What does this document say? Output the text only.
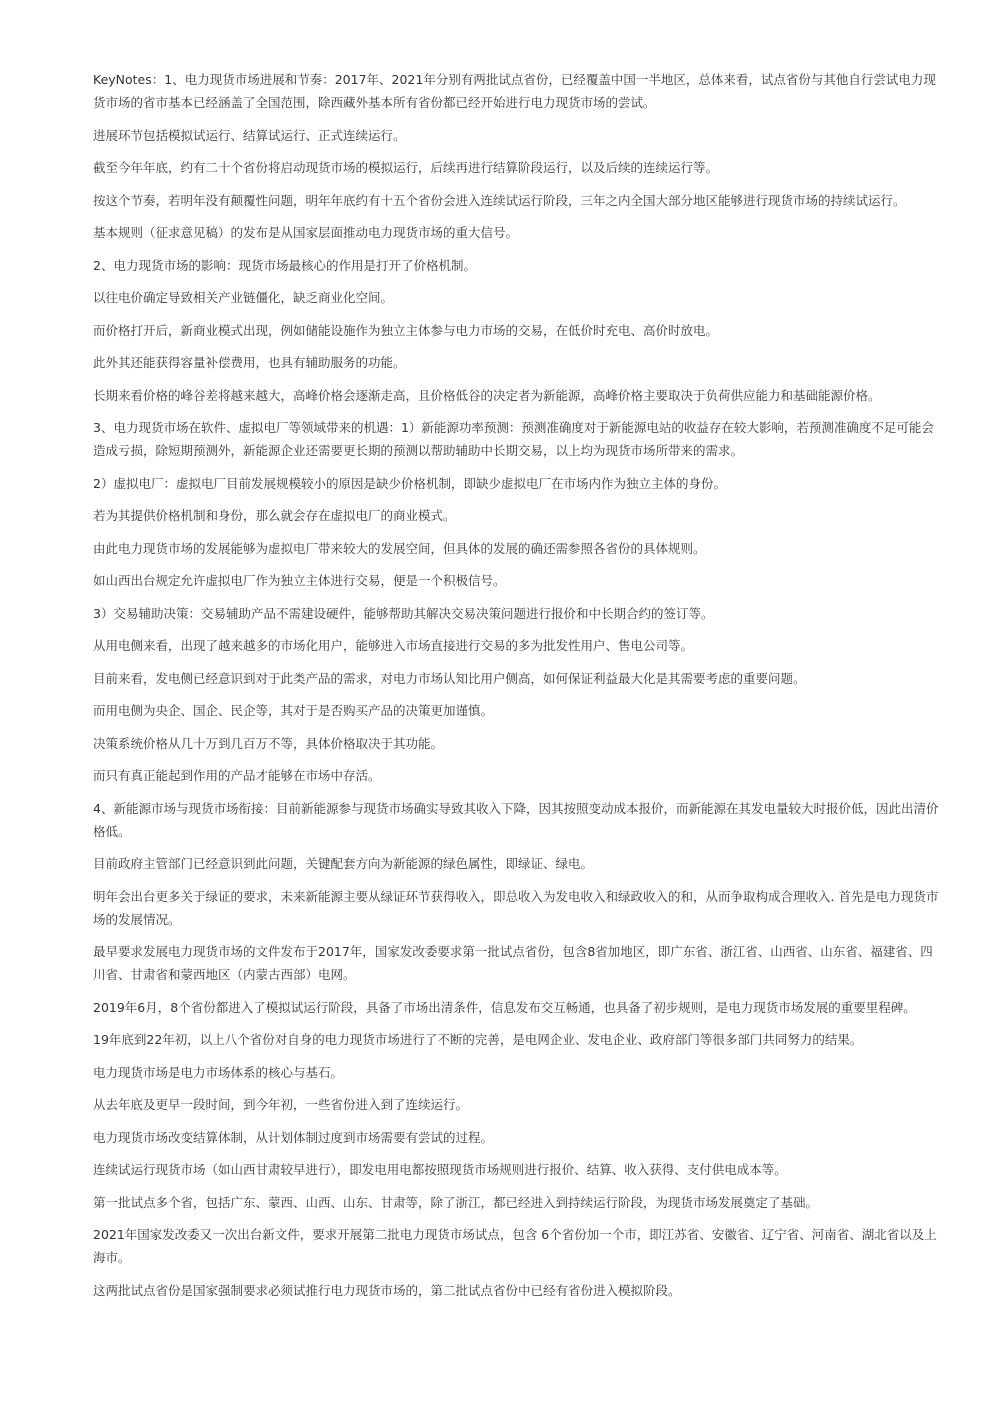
KeyNotes：1、电力现货市场进展和节奏：2017年、2021年分别有两批试点省份，已经覆盖中国一半地区，总体来看，试点省份与其他自行尝试电力现货市场的省市基本已经涵盖了全国范围，除西藏外基本所有省份都已经开始进行电力现货市场的尝试。

进展环节包括模拟试运行、结算试运行、正式连续运行。

截至今年年底，约有二十个省份将启动现货市场的模拟运行，后续再进行结算阶段运行，以及后续的连续运行等。

按这个节奏，若明年没有颠覆性问题，明年年底约有十五个省份会进入连续试运行阶段，三年之内全国大部分地区能够进行现货市场的持续试运行。

基本规则（征求意见稿）的发布是从国家层面推动电力现货市场的重大信号。

2、电力现货市场的影响：现货市场最核心的作用是打开了价格机制。

以往电价确定导致相关产业链僵化，缺乏商业化空间。

而价格打开后，新商业模式出现，例如储能设施作为独立主体参与电力市场的交易，在低价时充电、高价时放电。

此外其还能获得容量补偿费用，也具有辅助服务的功能。

长期来看价格的峰谷差将越来越大，高峰价格会逐渐走高，且价格低谷的决定者为新能源，高峰价格主要取决于负荷供应能力和基础能源价格。

3、电力现货市场在软件、虚拟电厂等领域带来的机遇：1）新能源功率预测：预测准确度对于新能源电站的收益存在较大影响，若预测准确度不足可能会造成亏损，除短期预测外，新能源企业还需要更长期的预测以帮助辅助中长期交易，以上均为现货市场所带来的需求。

2）虚拟电厂：虚拟电厂目前发展规模较小的原因是缺少价格机制，即缺少虚拟电厂在市场内作为独立主体的身份。

若为其提供价格机制和身份，那么就会存在虚拟电厂的商业模式。

由此电力现货市场的发展能够为虚拟电厂带来较大的发展空间，但具体的发展的确还需参照各省份的具体规则。

如山西出台规定允许虚拟电厂作为独立主体进行交易，便是一个积极信号。

3）交易辅助决策：交易辅助产品不需建设硬件，能够帮助其解决交易决策问题进行报价和中长期合约的签订等。

从用电侧来看，出现了越来越多的市场化用户，能够进入市场直接进行交易的多为批发性用户、售电公司等。

目前来看，发电侧已经意识到对于此类产品的需求，对电力市场认知比用户侧高，如何保证利益最大化是其需要考虑的重要问题。

而用电侧为央企、国企、民企等，其对于是否购买产品的决策更加谨慎。

决策系统价格从几十万到几百万不等，具体价格取决于其功能。

而只有真正能起到作用的产品才能够在市场中存活。

4、新能源市场与现货市场衔接：目前新能源参与现货市场确实导致其收入下降，因其按照变动成本报价，而新能源在其发电量较大时报价低，因此出清价格低。

目前政府主管部门已经意识到此问题，关键配套方向为新能源的绿色属性，即绿证、绿电。

明年会出台更多关于绿证的要求，未来新能源主要从绿证环节获得收入，即总收入为发电收入和绿政收入的和，从而争取构成合理收入. 首先是电力现货市场的发展情况。

最早要求发展电力现货市场的文件发布于2017年，国家发改委要求第一批试点省份，包含8省加地区，即广东省、浙江省、山西省、山东省、福建省、四川省、甘肃省和蒙西地区（内蒙古西部）电网。

2019年6月，8个省份都进入了模拟试运行阶段，具备了市场出清条件，信息发布交互畅通，也具备了初步规则，是电力现货市场发展的重要里程碑。

19年底到22年初，以上八个省份对自身的电力现货市场进行了不断的完善，是电网企业、发电企业、政府部门等很多部门共同努力的结果。

电力现货市场是电力市场体系的核心与基石。

从去年底及更早一段时间，到今年初，一些省份进入到了连续运行。

电力现货市场改变结算体制，从计划体制过度到市场需要有尝试的过程。

连续试运行现货市场（如山西甘肃较早进行），即发电用电都按照现货市场规则进行报价、结算、收入获得、支付供电成本等。

第一批试点多个省，包括广东、蒙西、山西、山东、甘肃等，除了浙江，都已经进入到持续运行阶段，为现货市场发展奠定了基础。

2021年国家发改委又一次出台新文件，要求开展第二批电力现货市场试点，包含 6个省份加一个市，即江苏省、安徽省、辽宁省、河南省、湖北省以及上海市。

这两批试点省份是国家强制要求必须试推行电力现货市场的，第二批试点省份中已经有省份进入模拟阶段。
